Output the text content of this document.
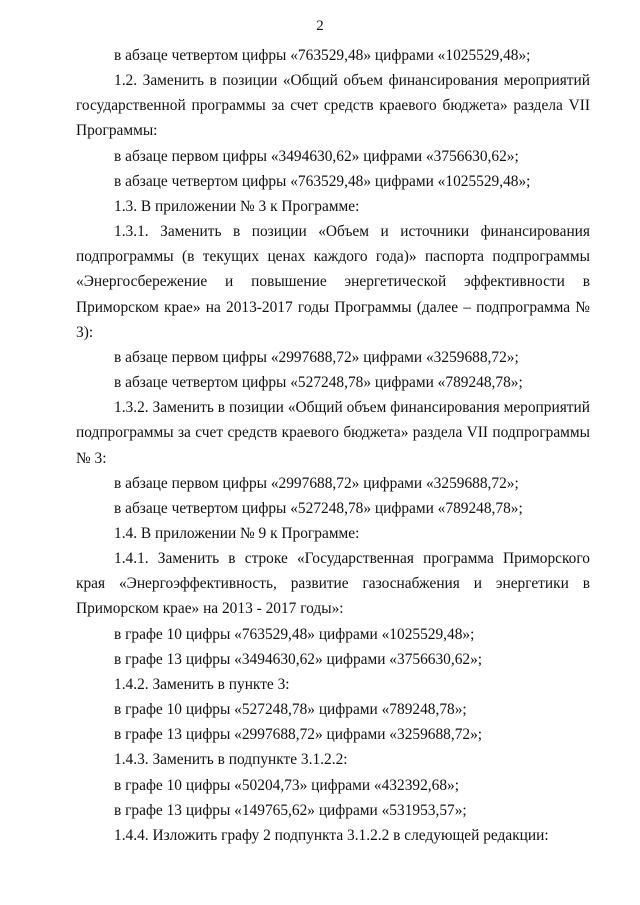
2

в абзаце четвертом цифры «763529,48» цифрами «1025529,48»;

1.2. Заменить в позиции «Общий объем финансирования мероприятий государственной программы за счет средств краевого бюджета» раздела VII Программы:

в абзаце первом цифры «3494630,62» цифрами «3756630,62»;

в абзаце четвертом цифры «763529,48» цифрами «1025529,48»;

1.3. В приложении № 3 к Программе:

1.3.1. Заменить в позиции «Объем и источники финансирования подпрограммы (в текущих ценах каждого года)» паспорта подпрограммы «Энергосбережение и повышение энергетической эффективности в Приморском крае» на 2013-2017 годы Программы (далее – подпрограмма № 3):

в абзаце первом цифры «2997688,72» цифрами «3259688,72»;

в абзаце четвертом цифры «527248,78» цифрами «789248,78»;

1.3.2. Заменить в позиции «Общий объем финансирования мероприятий подпрограммы за счет средств краевого бюджета» раздела VII подпрограммы № 3:

в абзаце первом цифры «2997688,72» цифрами «3259688,72»;

в абзаце четвертом цифры «527248,78» цифрами «789248,78»;

1.4. В приложении № 9 к Программе:

1.4.1. Заменить в строке «Государственная программа Приморского края «Энергоэффективность, развитие газоснабжения и энергетики в Приморском крае» на 2013 - 2017 годы»:

в графе 10 цифры «763529,48» цифрами «1025529,48»;

в графе 13 цифры «3494630,62» цифрами «3756630,62»;

1.4.2. Заменить в пункте 3:

в графе 10 цифры «527248,78» цифрами «789248,78»;

в графе 13 цифры «2997688,72» цифрами «3259688,72»;

1.4.3. Заменить в подпункте 3.1.2.2:

в графе 10 цифры «50204,73» цифрами «432392,68»;

в графе 13 цифры «149765,62» цифрами «531953,57»;

1.4.4. Изложить графу 2 подпункта 3.1.2.2 в следующей редакции:
